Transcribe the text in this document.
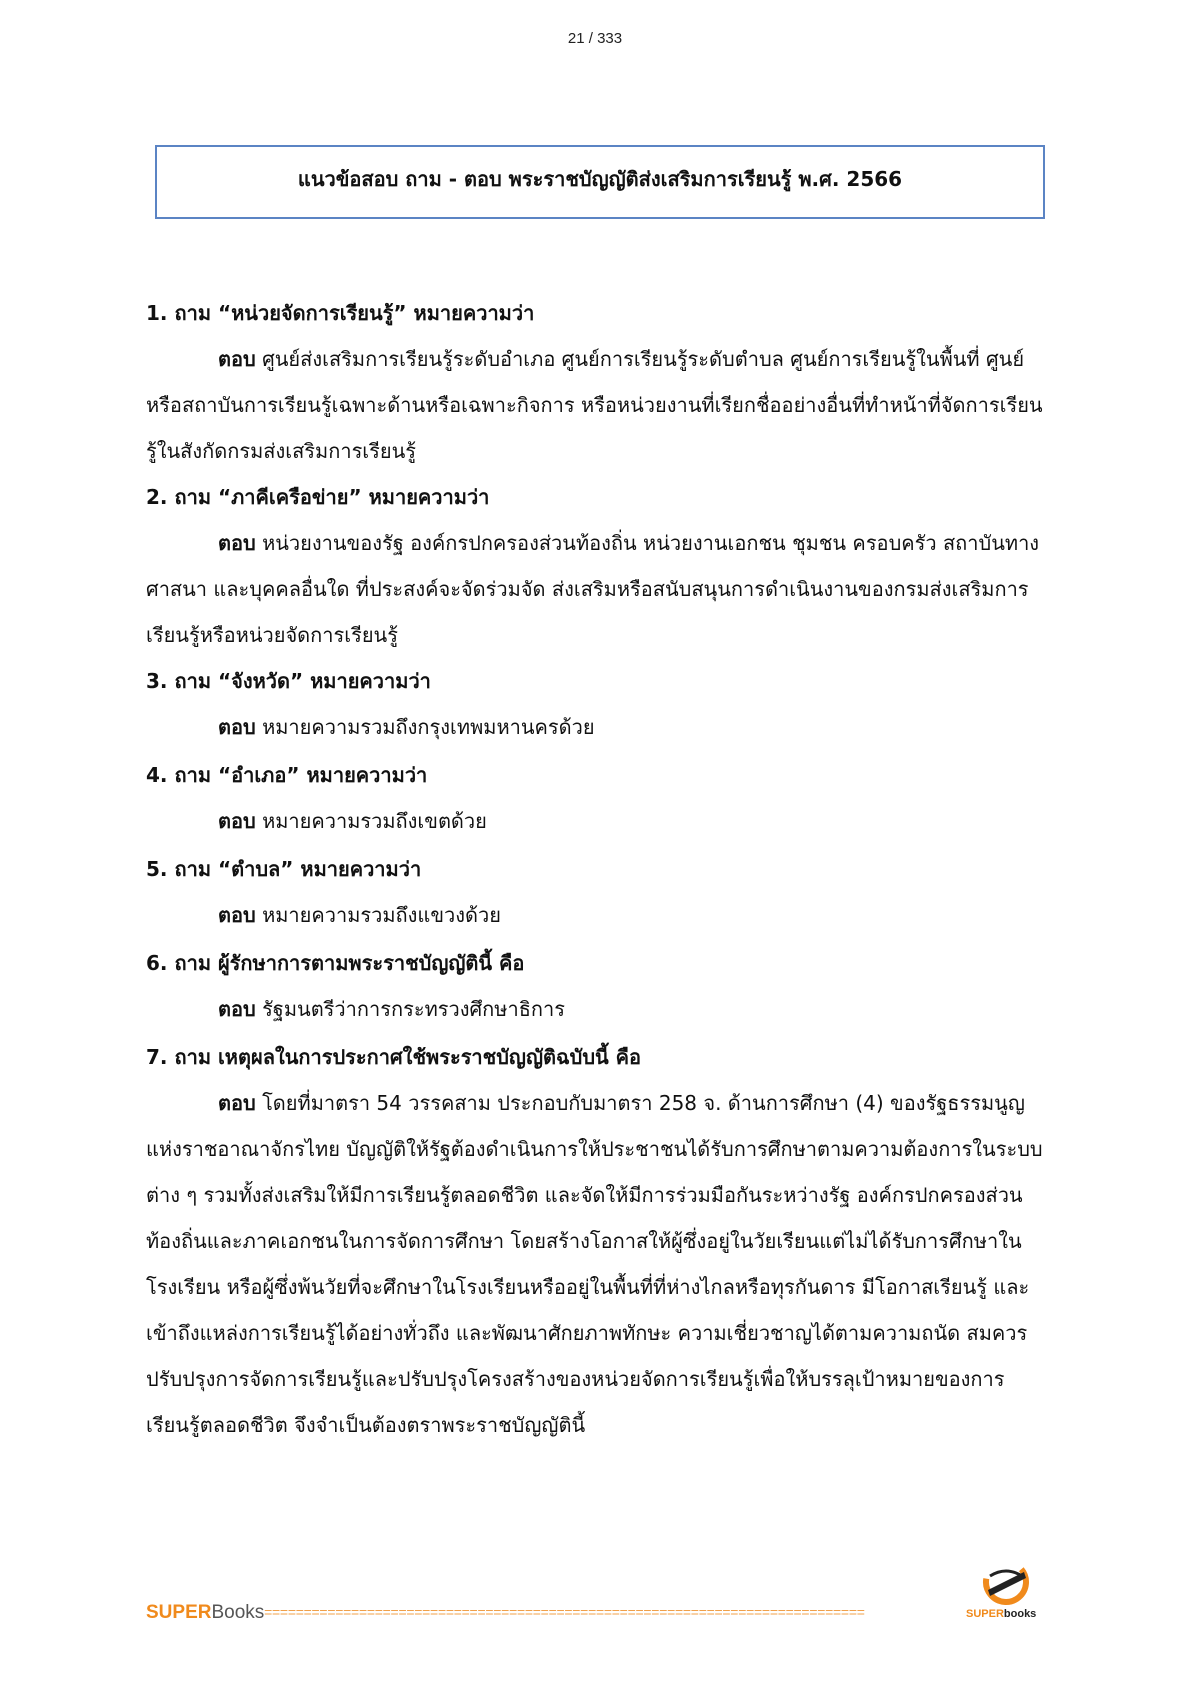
21 / 333
แนวข้อสอบ ถาม - ตอบ พระราชบัญญัติส่งเสริมการเรียนรู้ พ.ศ. 2566
1. ถาม “หน่วยจัดการเรียนรู้” หมายความว่า
ตอบ ศูนย์ส่งเสริมการเรียนรู้ระดับอำเภอ ศูนย์การเรียนรู้ระดับตำบล ศูนย์การเรียนรู้ในพื้นที่ ศูนย์หรือสถาบันการเรียนรู้เฉพาะด้านหรือเฉพาะกิจการ หรือหน่วยงานที่เรียกชื่ออย่างอื่นที่ทำหน้าที่จัดการเรียนรู้ในสังกัดกรมส่งเสริมการเรียนรู้
2. ถาม “ภาคีเครือข่าย” หมายความว่า
ตอบ หน่วยงานของรัฐ องค์กรปกครองส่วนท้องถิ่น หน่วยงานเอกชน ชุมชน ครอบครัว สถาบันทางศาสนา และบุคคลอื่นใด ที่ประสงค์จะจัดร่วมจัด ส่งเสริมหรือสนับสนุนการดำเนินงานของกรมส่งเสริมการเรียนรู้หรือหน่วยจัดการเรียนรู้
3. ถาม “จังหวัด” หมายความว่า
ตอบ หมายความรวมถึงกรุงเทพมหานครด้วย
4. ถาม “อำเภอ” หมายความว่า
ตอบ หมายความรวมถึงเขตด้วย
5. ถาม “ตำบล” หมายความว่า
ตอบ หมายความรวมถึงแขวงด้วย
6. ถาม ผู้รักษาการตามพระราชบัญญัตินี้ คือ
ตอบ รัฐมนตรีว่าการกระทรวงศึกษาธิการ
7. ถาม เหตุผลในการประกาศใช้พระราชบัญญัติฉบับนี้ คือ
ตอบ โดยที่มาตรา 54 วรรคสาม ประกอบกับมาตรา 258 จ. ด้านการศึกษา (4) ของรัฐธรรมนูญแห่งราชอาณาจักรไทย บัญญัติให้รัฐต้องดำเนินการให้ประชาชนได้รับการศึกษาตามความต้องการในระบบต่าง ๆ รวมทั้งส่งเสริมให้มีการเรียนรู้ตลอดชีวิต และจัดให้มีการร่วมมือกันระหว่างรัฐ องค์กรปกครองส่วนท้องถิ่นและภาคเอกชนในการจัดการศึกษา โดยสร้างโอกาสให้ผู้ซึ่งอยู่ในวัยเรียนแต่ไม่ได้รับการศึกษาในโรงเรียน หรือผู้ซึ่งพ้นวัยที่จะศึกษาในโรงเรียนหรืออยู่ในพื้นที่ที่ห่างไกลหรือทุรกันดาร มีโอกาสเรียนรู้ และเข้าถึงแหล่งการเรียนรู้ได้อย่างทั่วถึง และพัฒนาศักยภาพทักษะ ความเชี่ยวชาญได้ตามความถนัด สมควรปรับปรุงการจัดการเรียนรู้และปรับปรุงโครงสร้างของหน่วยจัดการเรียนรู้เพื่อให้บรรลุเป้าหมายของการเรียนรู้ตลอดชีวิต จึงจำเป็นต้องตราพระราชบัญญัตินี้
SUPERBooks ============================================================================	SUPERbooks
